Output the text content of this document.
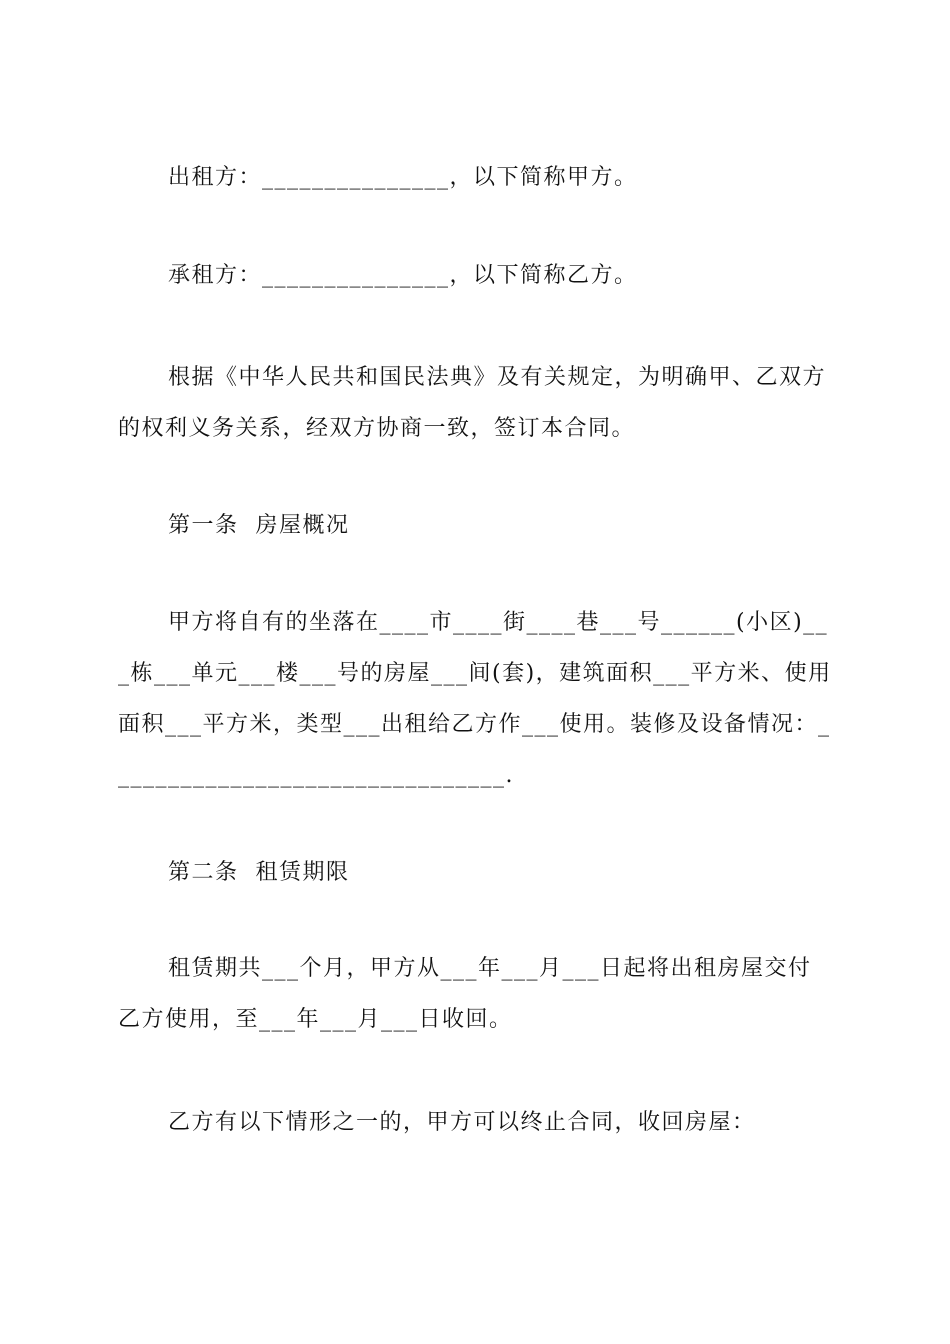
出租方：_______________，以下简称甲方。

承租方：_______________，以下简称乙方。

根据《中华人民共和国民法典》及有关规定，为明确甲、乙双方的权利义务关系，经双方协商一致，签订本合同。

第一条  房屋概况

甲方将自有的坐落在____市____街____巷___号______(小区)___栋___单元___楼___号的房屋___间(套)，建筑面积___平方米、使用面积___平方米，类型___出租给乙方作___使用。装修及设备情况：________________________________.

第二条  租赁期限

租赁期共___个月，甲方从___年___月___日起将出租房屋交付乙方使用，至___年___月___日收回。

乙方有以下情形之一的，甲方可以终止合同，收回房屋：
